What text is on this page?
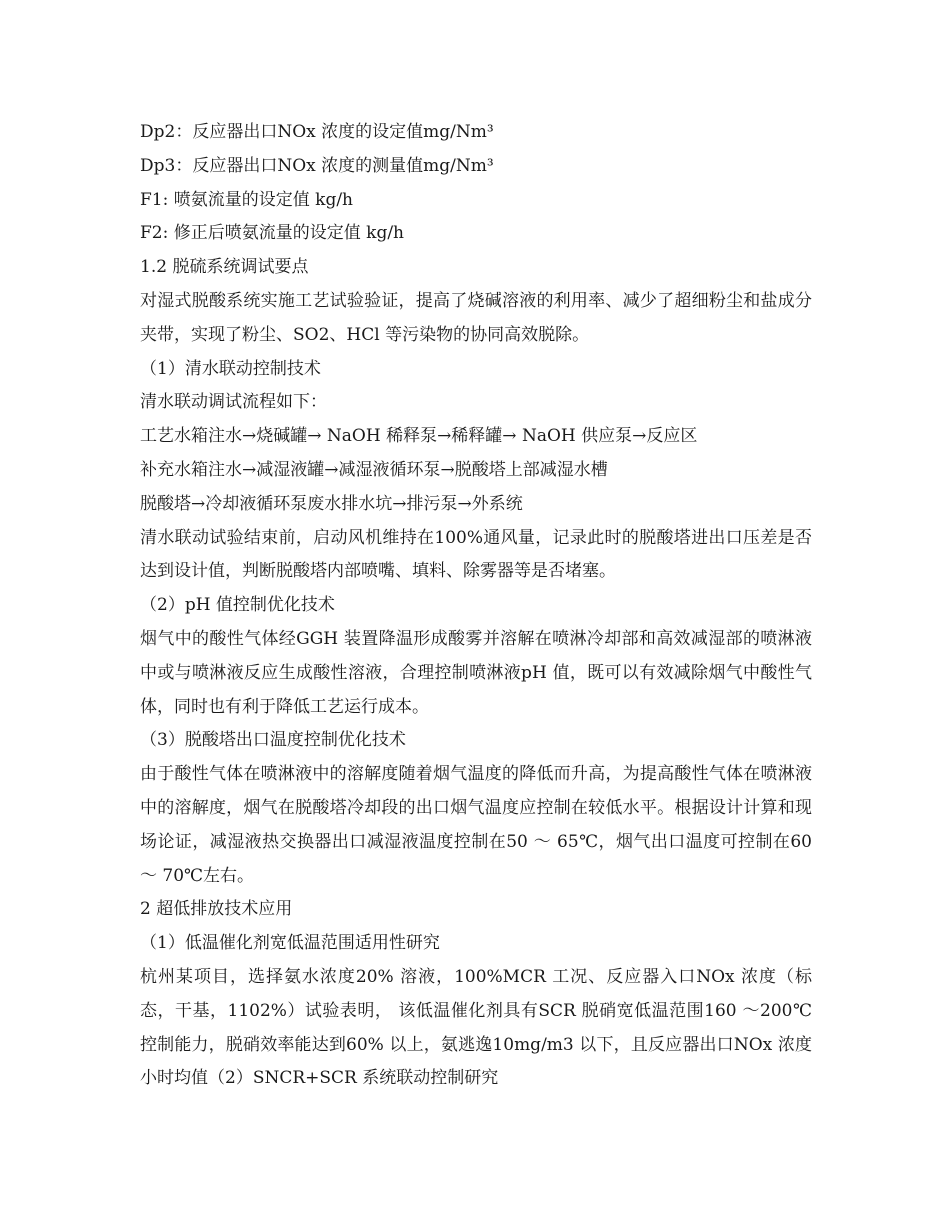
Dp2：反应器出口NOx 浓度的设定值mg/Nm³

Dp3：反应器出口NOx 浓度的测量值mg/Nm³

F1: 喷氨流量的设定值 kg/h

F2: 修正后喷氨流量的设定值 kg/h

1.2 脱硫系统调试要点

对湿式脱酸系统实施工艺试验验证，提高了烧碱溶液的利用率、减少了超细粉尘和盐成分夹带，实现了粉尘、SO2、HCl 等污染物的协同高效脱除。

（1）清水联动控制技术

清水联动调试流程如下：

工艺水箱注水→烧碱罐→ NaOH 稀释泵→稀释罐→ NaOH 供应泵→反应区

补充水箱注水→减湿液罐→减湿液循环泵→脱酸塔上部减湿水槽

脱酸塔→冷却液循环泵废水排水坑→排污泵→外系统

清水联动试验结束前，启动风机维持在100%通风量，记录此时的脱酸塔进出口压差是否达到设计值，判断脱酸塔内部喷嘴、填料、除雾器等是否堵塞。

（2）pH 值控制优化技术

烟气中的酸性气体经GGH 装置降温形成酸雾并溶解在喷淋冷却部和高效减湿部的喷淋液中或与喷淋液反应生成酸性溶液，合理控制喷淋液pH 值，既可以有效减除烟气中酸性气体，同时也有利于降低工艺运行成本。

（3）脱酸塔出口温度控制优化技术

由于酸性气体在喷淋液中的溶解度随着烟气温度的降低而升高，为提高酸性气体在喷淋液中的溶解度，烟气在脱酸塔冷却段的出口烟气温度应控制在较低水平。根据设计计算和现场论证，减湿液热交换器出口减湿液温度控制在50 ～ 65℃，烟气出口温度可控制在60 ～ 70℃左右。

2 超低排放技术应用

（1）低温催化剂宽低温范围适用性研究

杭州某项目，选择氨水浓度20% 溶液，100%MCR 工况、反应器入口NOx 浓度（标态，干基，1102%）试验表明， 该低温催化剂具有SCR 脱硝宽低温范围160 ～200℃控制能力，脱硝效率能达到60% 以上，氨逃逸10mg/m3 以下，且反应器出口NOx 浓度小时均值（2）SNCR+SCR 系统联动控制研究
